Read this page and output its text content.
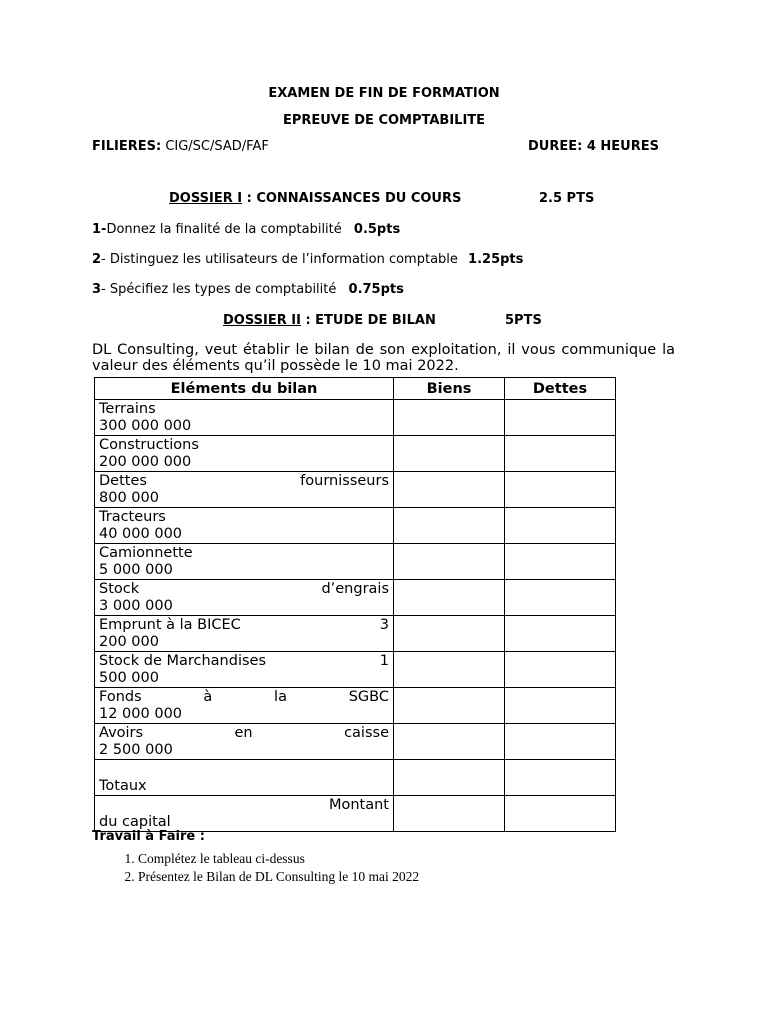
EXAMEN DE FIN DE FORMATION
EPREUVE DE COMPTABILITE
FILIERES: CIG/SC/SAD/FAF	DUREE: 4 HEURES
DOSSIER I : CONNAISSANCES DU COURS	2.5 PTS
1-Donnez la finalité de la comptabilité 0.5pts
2- Distinguez les utilisateurs de l’information comptable 1.25pts
3- Spécifiez les types de comptabilité 0.75pts
DOSSIER II : ETUDE DE BILAN	5PTS
DL Consulting, veut établir le bilan de son exploitation, il vous communique la valeur des éléments qu’il possède le 10 mai 2022.
Eléments du bilan	Biens	Dettes

Terrains
300 000 000		

Constructions
200 000 000		

Dettes fournisseurs
800 000		

Tracteurs
40 000 000		

Camionnette
5 000 000		

Stock d’engrais
3 000 000		

Emprunt à la BICEC 3
200 000		

Stock de Marchandises 1
500 000		

Fonds à la SGBC
12 000 000		

Avoirs en caisse
2 500 000		

Totaux		

Montant
du capital		

Travail à Faire :
1. Complétez le tableau ci-dessus
2. Présentez le Bilan de DL Consulting le 10 mai 2022
